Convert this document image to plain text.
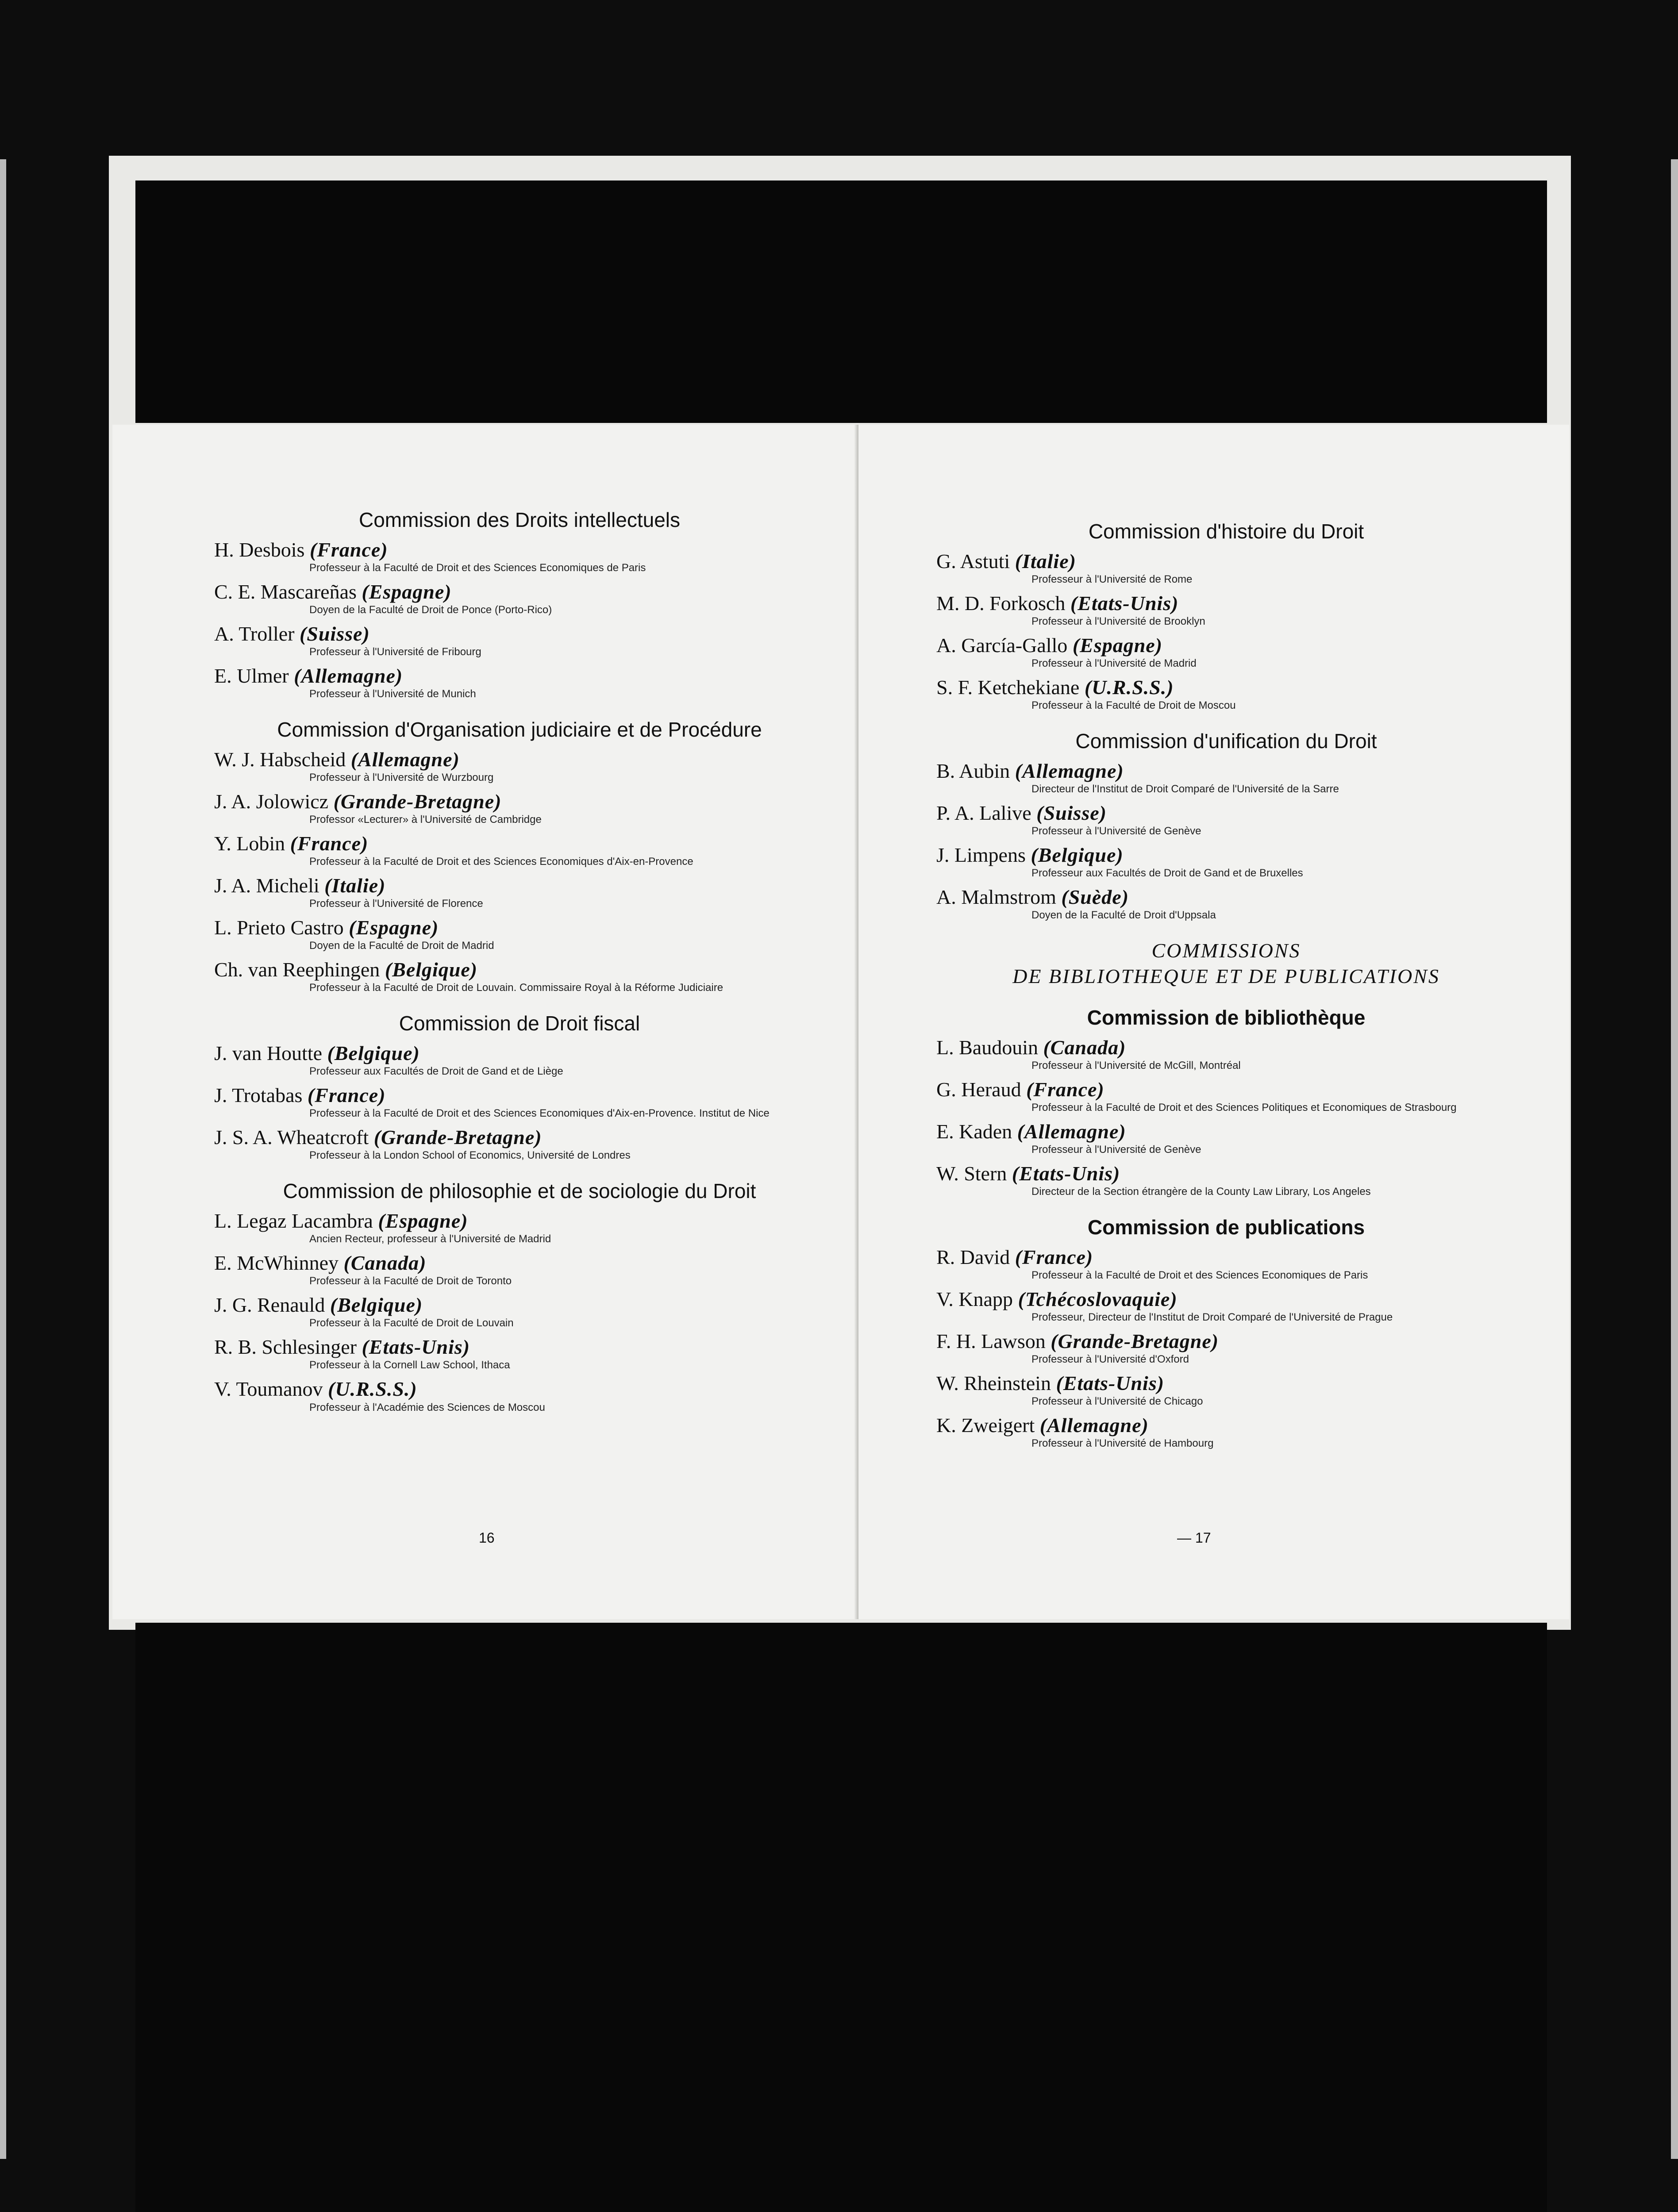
Commission des Droits intellectuels
H. Desbois (France)
Professeur à la Faculté de Droit et des Sciences Economiques de Paris
C. E. Mascareñas (Espagne)
Doyen de la Faculté de Droit de Ponce (Porto-Rico)
A. Troller (Suisse)
Professeur à l'Université de Fribourg
E. Ulmer (Allemagne)
Professeur à l'Université de Munich
Commission d'Organisation judiciaire et de Procédure
W. J. Habscheid (Allemagne)
Professeur à l'Université de Wurzbourg
J. A. Jolowicz (Grande-Bretagne)
Professor «Lecturer» à l'Université de Cambridge
Y. Lobin (France)
Professeur à la Faculté de Droit et des Sciences Economiques d'Aix-en-Provence
J. A. Micheli (Italie)
Professeur à l'Université de Florence
L. Prieto Castro (Espagne)
Doyen de la Faculté de Droit de Madrid
Ch. van Reephingen (Belgique)
Professeur à la Faculté de Droit de Louvain. Commissaire Royal à la Réforme Judiciaire
Commission de Droit fiscal
J. van Houtte (Belgique)
Professeur aux Facultés de Droit de Gand et de Liège
J. Trotabas (France)
Professeur à la Faculté de Droit et des Sciences Economiques d'Aix-en-Provence. Institut de Nice
J. S. A. Wheatcroft (Grande-Bretagne)
Professeur à la London School of Economics, Université de Londres
Commission de philosophie et de sociologie du Droit
L. Legaz Lacambra (Espagne)
Ancien Recteur, professeur à l'Université de Madrid
E. McWhinney (Canada)
Professeur à la Faculté de Droit de Toronto
J. G. Renauld (Belgique)
Professeur à la Faculté de Droit de Louvain
R. B. Schlesinger (Etats-Unis)
Professeur à la Cornell Law School, Ithaca
V. Toumanov (U.R.S.S.)
Professeur à l'Académie des Sciences de Moscou
16
Commission d'histoire du Droit
G. Astuti (Italie)
Professeur à l'Université de Rome
M. D. Forkosch (Etats-Unis)
Professeur à l'Université de Brooklyn
A. García-Gallo (Espagne)
Professeur à l'Université de Madrid
S. F. Ketchekiane (U.R.S.S.)
Professeur à la Faculté de Droit de Moscou
Commission d'unification du Droit
B. Aubin (Allemagne)
Directeur de l'Institut de Droit Comparé de l'Université de la Sarre
P. A. Lalive (Suisse)
Professeur à l'Université de Genève
J. Limpens (Belgique)
Professeur aux Facultés de Droit de Gand et de Bruxelles
A. Malmstrom (Suède)
Doyen de la Faculté de Droit d'Uppsala
COMMISSIONS
DE BIBLIOTHEQUE ET DE PUBLICATIONS
Commission de bibliothèque
L. Baudouin (Canada)
Professeur à l'Université de McGill, Montréal
G. Heraud (France)
Professeur à la Faculté de Droit et des Sciences Politiques et Economiques de Strasbourg
E. Kaden (Allemagne)
Professeur à l'Université de Genève
W. Stern (Etats-Unis)
Directeur de la Section étrangère de la County Law Library, Los Angeles
Commission de publications
R. David (France)
Professeur à la Faculté de Droit et des Sciences Economiques de Paris
V. Knapp (Tchécoslovaquie)
Professeur, Directeur de l'Institut de Droit Comparé de l'Université de Prague
F. H. Lawson (Grande-Bretagne)
Professeur à l'Université d'Oxford
W. Rheinstein (Etats-Unis)
Professeur à l'Université de Chicago
K. Zweigert (Allemagne)
Professeur à l'Université de Hambourg
— 17
